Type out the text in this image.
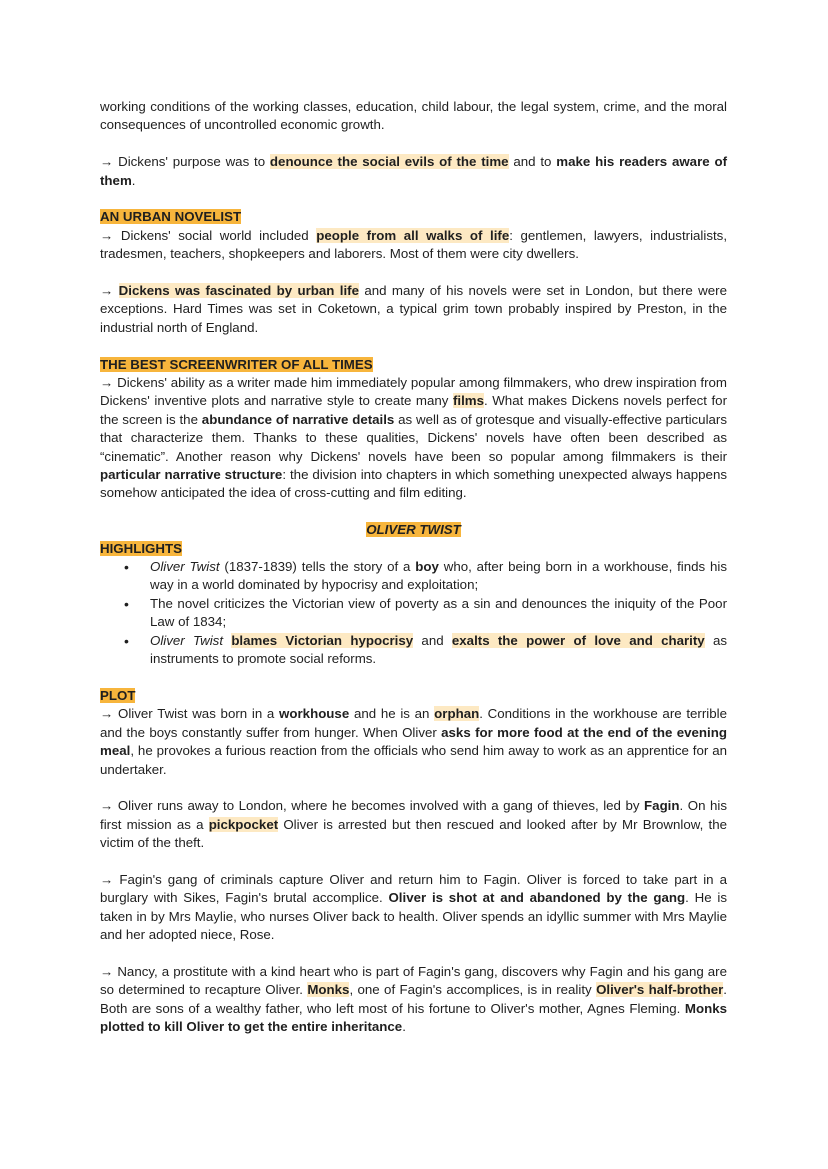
working conditions of the working classes, education, child labour, the legal system, crime, and the moral consequences of uncontrolled economic growth.

→ Dickens' purpose was to denounce the social evils of the time and to make his readers aware of them.

AN URBAN NOVELIST

→ Dickens' social world included people from all walks of life: gentlemen, lawyers, industrialists, tradesmen, teachers, shopkeepers and laborers. Most of them were city dwellers.

→ Dickens was fascinated by urban life and many of his novels were set in London, but there were exceptions. Hard Times was set in Coketown, a typical grim town probably inspired by Preston, in the industrial north of England.

THE BEST SCREENWRITER OF ALL TIMES

→ Dickens' ability as a writer made him immediately popular among filmmakers, who drew inspiration from Dickens' inventive plots and narrative style to create many films. What makes Dickens novels perfect for the screen is the abundance of narrative details as well as of grotesque and visually-effective particulars that characterize them. Thanks to these qualities, Dickens' novels have often been described as “cinematic”. Another reason why Dickens' novels have been so popular among filmmakers is their particular narrative structure: the division into chapters in which something unexpected always happens somehow anticipated the idea of cross-cutting and film editing.

OLIVER TWIST

HIGHLIGHTS

• Oliver Twist (1837-1839) tells the story of a boy who, after being born in a workhouse, finds his way in a world dominated by hypocrisy and exploitation;
• The novel criticizes the Victorian view of poverty as a sin and denounces the iniquity of the Poor Law of 1834;
• Oliver Twist blames Victorian hypocrisy and exalts the power of love and charity as instruments to promote social reforms.

PLOT

→ Oliver Twist was born in a workhouse and he is an orphan. Conditions in the workhouse are terrible and the boys constantly suffer from hunger. When Oliver asks for more food at the end of the evening meal, he provokes a furious reaction from the officials who send him away to work as an apprentice for an undertaker.

→ Oliver runs away to London, where he becomes involved with a gang of thieves, led by Fagin. On his first mission as a pickpocket Oliver is arrested but then rescued and looked after by Mr Brownlow, the victim of the theft.

→ Fagin's gang of criminals capture Oliver and return him to Fagin. Oliver is forced to take part in a burglary with Sikes, Fagin's brutal accomplice. Oliver is shot at and abandoned by the gang. He is taken in by Mrs Maylie, who nurses Oliver back to health. Oliver spends an idyllic summer with Mrs Maylie and her adopted niece, Rose.

→ Nancy, a prostitute with a kind heart who is part of Fagin's gang, discovers why Fagin and his gang are so determined to recapture Oliver. Monks, one of Fagin's accomplices, is in reality Oliver's half-brother. Both are sons of a wealthy father, who left most of his fortune to Oliver's mother, Agnes Fleming. Monks plotted to kill Oliver to get the entire inheritance.
